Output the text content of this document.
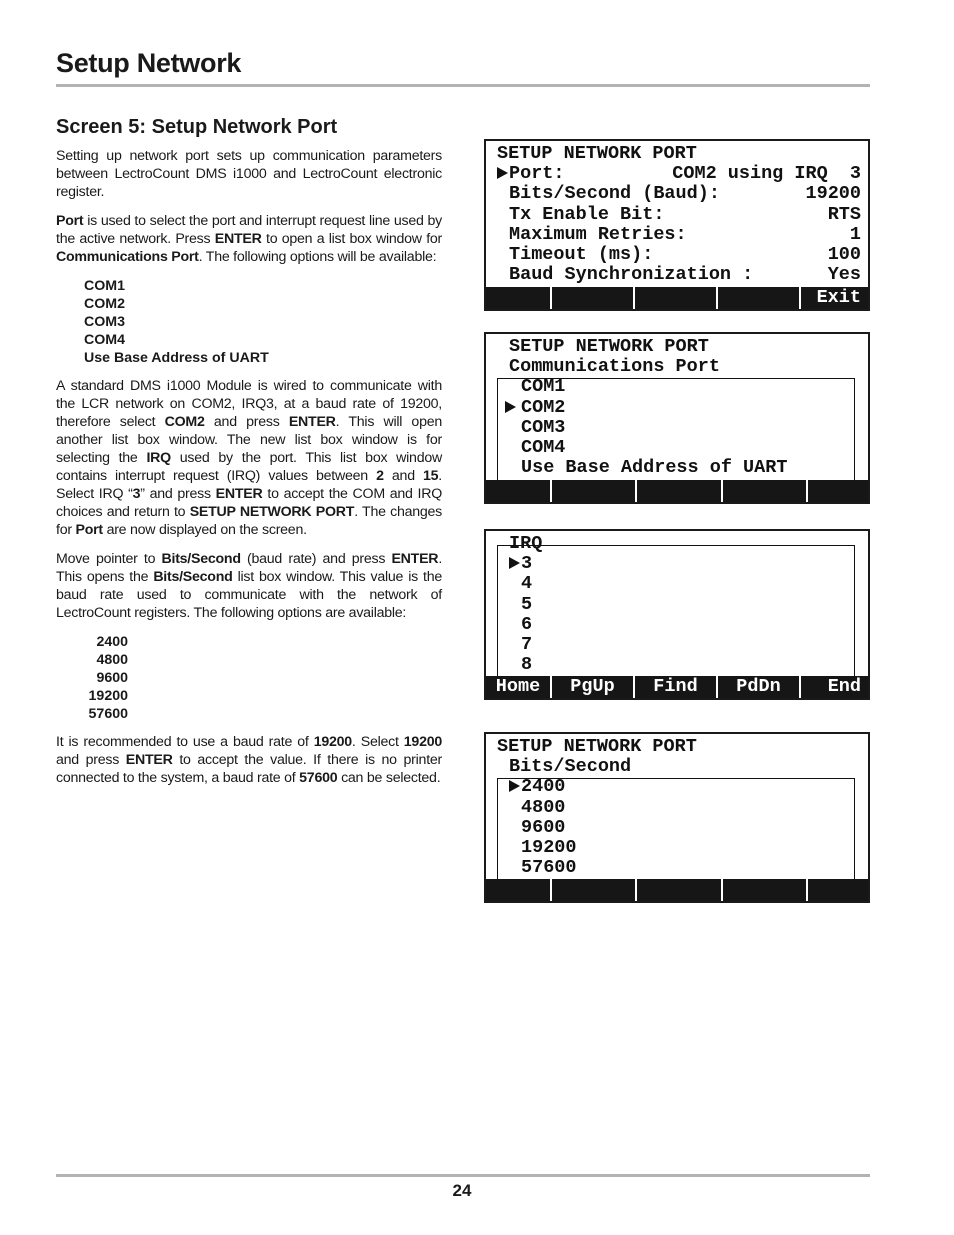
Setup Network
Screen 5: Setup Network Port

Setting up network port sets up communication parameters between LectroCount DMS i1000 and LectroCount electronic register.

Port is used to select the port and interrupt request line used by the active network. Press ENTER to open a list box window for Communications Port. The following options will be available:

COM1
COM2
COM3
COM4
Use Base Address of UART

A standard DMS i1000 Module is wired to communicate with the LCR network on COM2, IRQ3, at a baud rate of 19200, therefore select COM2 and press ENTER. This will open another list box window. The new list box window is for selecting the IRQ used by the port. This list box window contains interrupt request (IRQ) values between 2 and 15. Select IRQ “3” and press ENTER to accept the COM and IRQ choices and return to SETUP NETWORK PORT. The changes for Port are now displayed on the screen.

Move pointer to Bits/Second (baud rate) and press ENTER. This opens the Bits/Second list box window. This value is the baud rate used to communicate with the network of LectroCount registers. The following options are available:

2400
4800
9600
19200
57600

It is recommended to use a baud rate of 19200. Select 19200 and press ENTER to accept the value. If there is no printer connected to the system, a baud rate of 57600 can be selected.

SETUP NETWORK PORT
Port:	COM2 using IRQ  3
Bits/Second (Baud):	19200
Tx Enable Bit:	RTS
Maximum Retries:	1
Timeout (ms):	100
Baud Synchronization :	Yes
Exit
SETUP NETWORK PORT
Communications Port
COM1
COM2
COM3
COM4
Use Base Address of UART
IRQ
3
4
5
6
7
8
Home	PgUp	Find	PdDn	End
SETUP NETWORK PORT
Bits/Second
2400
4800
9600
19200
57600
24
